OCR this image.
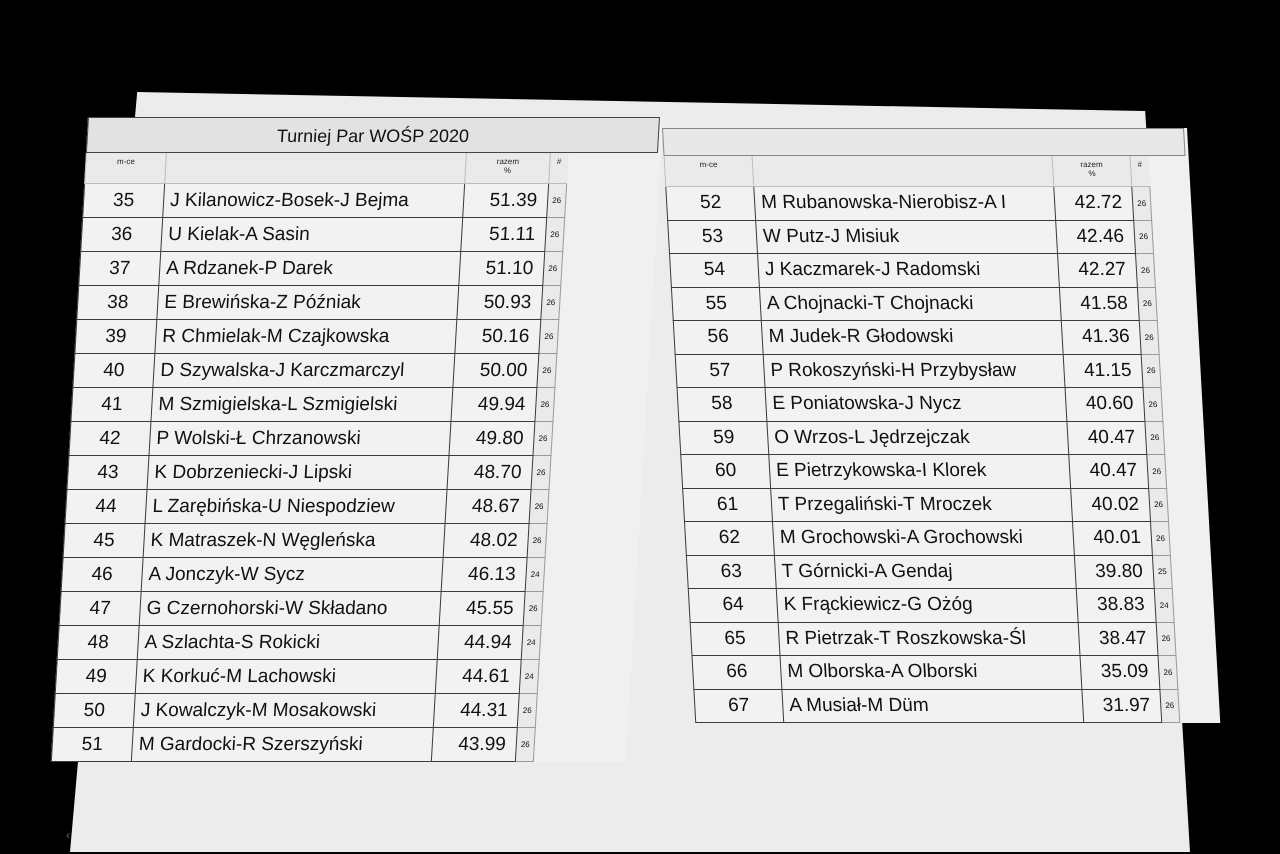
Turniej Par WOŚP 2020
m-ce		razem
%	#	
35	J Kilanowicz-Bosek-J Bejma	51.39	26	
36	U Kielak-A Sasin	51.11	26	
37	A Rdzanek-P Darek	51.10	26	
38	E Brewińska-Z Późniak	50.93	26	
39	R Chmielak-M Czajkowska	50.16	26	
40	D Szywalska-J Karczmarczyl	50.00	26	
41	M Szmigielska-L Szmigielski	49.94	26	
42	P Wolski-Ł Chrzanowski	49.80	26	
43	K Dobrzeniecki-J Lipski	48.70	26	
44	L Zarębińska-U Niespodziew	48.67	26	
45	K Matraszek-N Węgleńska	48.02	26	
46	A Jonczyk-W Sycz	46.13	24	
47	G Czernohorski-W Składano	45.55	26	
48	A Szlachta-S Rokicki	44.94	24	
49	K Korkuć-M Lachowski	44.61	24	
50	J Kowalczyk-M Mosakowski	44.31	26	
51	M Gardocki-R Szerszyński	43.99	26	
m-ce		razem
%	#	
52	M Rubanowska-Nierobisz-A I	42.72	26	
53	W Putz-J Misiuk	42.46	26	
54	J Kaczmarek-J Radomski	42.27	26	
55	A Chojnacki-T Chojnacki	41.58	26	
56	M Judek-R Głodowski	41.36	26	
57	P Rokoszyński-H Przybysław	41.15	26	
58	E Poniatowska-J Nycz	40.60	26	
59	O Wrzos-L Jędrzejczak	40.47	26	
60	E Pietrzykowska-I Klorek	40.47	26	
61	T Przegaliński-T Mroczek	40.02	26	
62	M Grochowski-A Grochowski	40.01	26	
63	T Górnicki-A Gendaj	39.80	25	
64	K Frąckiewicz-G Ożóg	38.83	24	
65	R Pietrzak-T Roszkowska-Śl	38.47	26	
66	M Olborska-A Olborski	35.09	26	
67	A Musiał-M Düm	31.97	26	
‹
